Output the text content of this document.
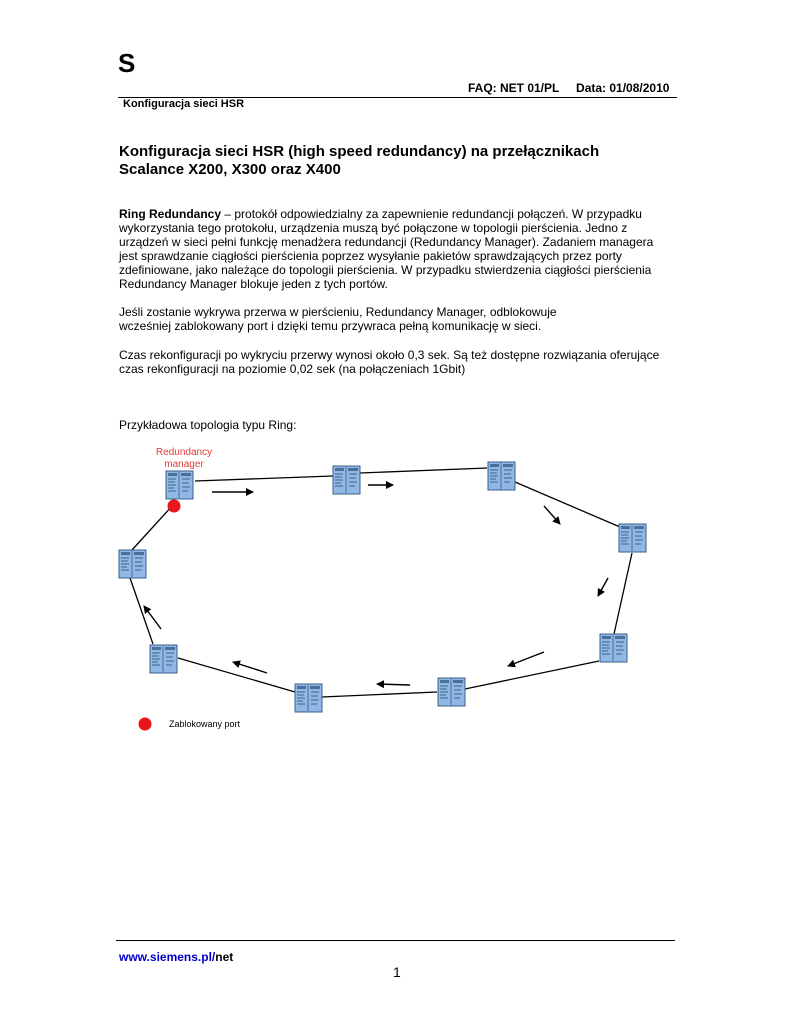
S
FAQ: NET 01/PL Data: 01/08/2010
Konfiguracja sieci HSR
Konfiguracja sieci HSR (high speed redundancy) na przełącznikach
Scalance X200, X300 oraz X400
Ring Redundancy – protokół odpowiedzialny za zapewnienie redundancji połączeń. W przypadku
wykorzystania tego protokołu, urządzenia muszą być połączone w topologii pierścienia. Jedno z
urządzeń w sieci pełni funkcję menadżera redundancji (Redundancy Manager). Zadaniem managera
jest sprawdzanie ciągłości pierścienia poprzez wysyłanie pakietów sprawdzających przez porty
zdefiniowane, jako należące do topologii pierścienia. W przypadku stwierdzenia ciągłości pierścienia
Redundancy Manager blokuje jeden z tych portów.
Jeśli zostanie wykrywa przerwa w pierścieniu, Redundancy Manager, odblokowuje
wcześniej zablokowany port i dzięki temu przywraca pełną komunikację w sieci.
Czas rekonfiguracji po wykryciu przerwy wynosi około 0,3 sek. Są też dostępne rozwiązania oferujące
czas rekonfiguracji na poziomie 0,02 sek (na połączeniach 1Gbit)
Przykładowa topologia typu Ring:
Redundancy
manager
Zablokowany port
www.siemens.pl/net
1
